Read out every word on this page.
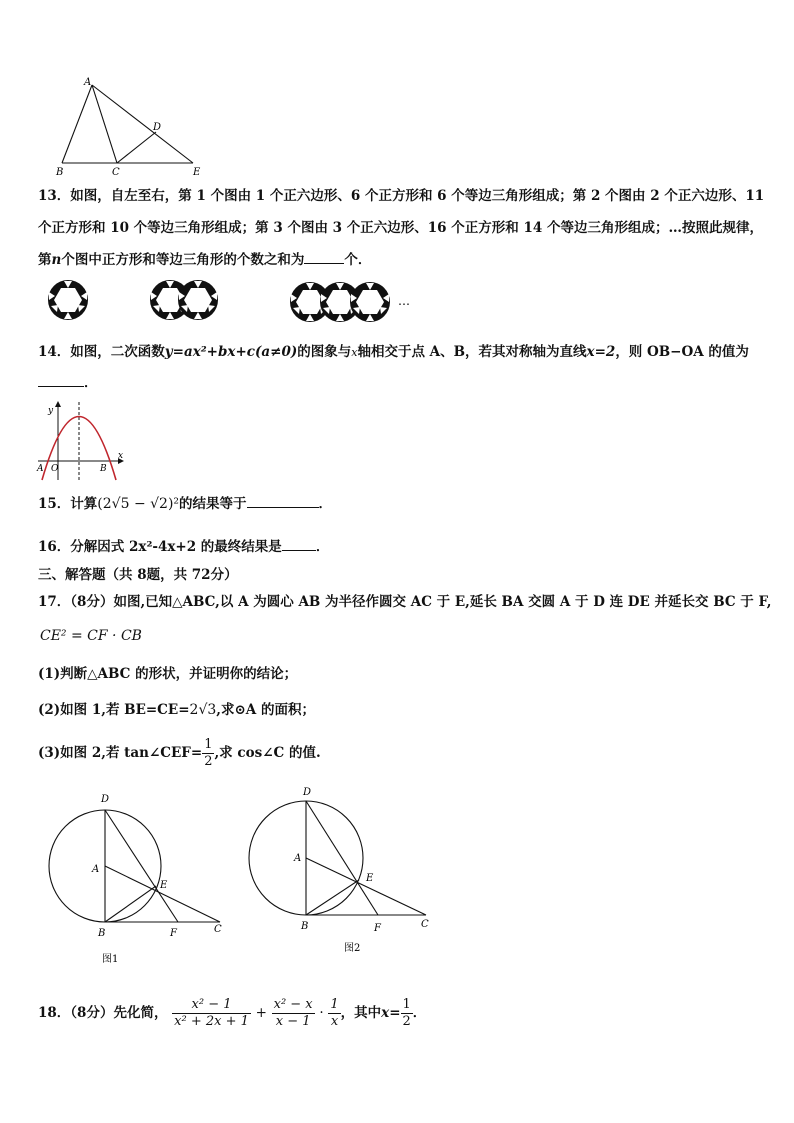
A
B	C
D
E
13．如图，自左至右，第 1 个图由 1 个正六边形、6 个正方形和 6 个等边三角形组成；第 2 个图由 2 个正六边形、11
个正方形和 10 个等边三角形组成；第 3 个图由 3 个正六边形、16 个正方形和 14 个等边三角形组成；…按照此规律，
第n个图中正方形和等边三角形的个数之和为	个．
…
14．如图，二次函数y=ax²+bx+c(a≠0)的图象与x轴相交于点 A、B，若其对称轴为直线x=2，则 OB−OA 的值为
．
y
x
A O	B
15．计算(2√5 − √2)²的结果等于	．
16．分解因式 2x²-4x+2 的最终结果是	．
三、解答题（共 8题，共 72分）
17．（8分）如图,已知△ABC,以 A 为圆心 AB 为半径作圆交 AC 于 E,延长 BA 交圆 A 于 D 连 DE 并延长交 BC 于 F,
CE² = CF · CB
(1)判断△ABC 的形状，并证明你的结论；
(2)如图 1,若 BE=CE=2√3,求⊙A 的面积；
(3)如图 2,若 tan∠CEF= $\frac{1}{2}$ ,求 cos∠C 的值.
D
A
E
B	F	C
图1
D
A
E
B	F	C
图2
18．（8分）先化简， $\frac{\text{x² − 1}}{\text{x² + 2x + 1}} + \frac{\text{x² − x}}{x - 1} \cdot \frac{1}{x}$ ，其中$x= \frac{1}{2}$ ．
